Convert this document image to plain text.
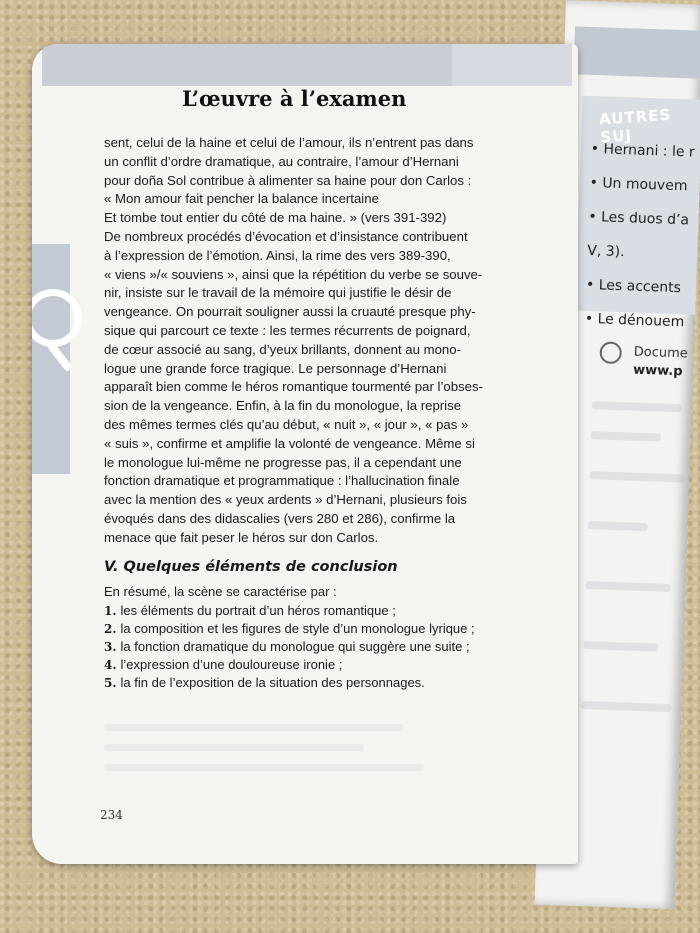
AUTRES SUJ
• Hernani : le r
• Un mouvem
• Les duos d’a
V, 3).
• Les accents
• Le dénouem
Docume
www.p
L’œuvre à l’examen

sent, celui de la haine et celui de l’amour, ils n’entrent pas dans
un conflit d’ordre dramatique, au contraire, l’amour d’Hernani
pour doña Sol contribue à alimenter sa haine pour don Carlos :
« Mon amour fait pencher la balance incertaine
Et tombe tout entier du côté de ma haine. » (vers 391-392)
De nombreux procédés d’évocation et d’insistance contribuent
à l’expression de l’émotion. Ainsi, la rime des vers 389-390,
« viens »/« souviens », ainsi que la répétition du verbe se souve-
nir, insiste sur le travail de la mémoire qui justifie le désir de
vengeance. On pourrait souligner aussi la cruauté presque phy-
sique qui parcourt ce texte : les termes récurrents de poignard,
de cœur associé au sang, d’yeux brillants, donnent au mono-
logue une grande force tragique. Le personnage d’Hernani
apparaît bien comme le héros romantique tourmenté par l’obses-
sion de la vengeance. Enfin, à la fin du monologue, la reprise
des mêmes termes clés qu’au début, « nuit », « jour », « pas »
« suis », confirme et amplifie la volonté de vengeance. Même si
le monologue lui-même ne progresse pas, il a cependant une
fonction dramatique et programmatique : l’hallucination finale
avec la mention des « yeux ardents » d’Hernani, plusieurs fois
évoqués dans des didascalies (vers 280 et 286), confirme la
menace que fait peser le héros sur don Carlos.

V. Quelques éléments de conclusion
En résumé, la scène se caractérise par :
1. les éléments du portrait d’un héros romantique ;
2. la composition et les figures de style d’un monologue lyrique ;
3. la fonction dramatique du monologue qui suggère une suite ;
4. l’expression d’une douloureuse ironie ;
5. la fin de l’exposition de la situation des personnages.
234
